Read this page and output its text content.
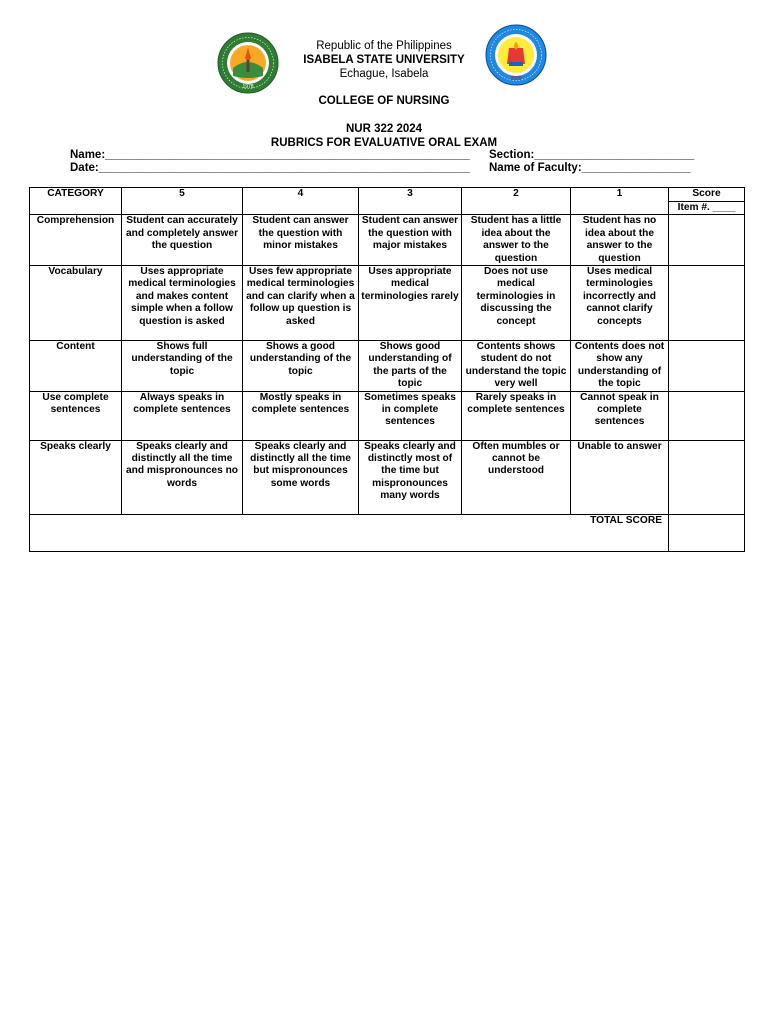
1978
2009
Republic of the Philippines
ISABELA STATE UNIVERSITY
Echague, Isabela
COLLEGE OF NURSING
NUR 322 2024
RUBRICS FOR EVALUATIVE ORAL EXAM
Name:_________________________________________________________
Date:__________________________________________________________
Section:_________________________
Name of Faculty:_________________
CATEGORY	5	4	3	2	1	Score
						Item #. ____
Comprehension	Student can accurately and completely answer the question	Student can answer the question with minor mistakes	Student can answer the question with major mistakes	Student has a little idea about the answer to the question	Student has no idea about the answer to the question	
Vocabulary	Uses appropriate medical terminologies and makes content simple when a follow question is asked	Uses few appropriate medical terminologies and can clarify when a follow up question is asked	Uses appropriate medical terminologies rarely	Does not use medical terminologies in discussing the concept	Uses medical terminologies incorrectly and cannot clarify concepts	
Content	Shows full understanding of the topic	Shows a good understanding of the topic	Shows good understanding of the parts of the topic	Contents shows student do not understand the topic very well	Contents does not show any understanding of the topic	
Use complete sentences	Always speaks in complete sentences	Mostly speaks in complete sentences	Sometimes speaks in complete sentences	Rarely speaks in complete sentences	Cannot speak in complete sentences	
Speaks clearly	Speaks clearly and distinctly all the time and mispronounces no words	Speaks clearly and distinctly all the time but mispronounces some words	Speaks clearly and distinctly most of the time but mispronounces many words	Often mumbles or cannot be understood	Unable to answer	
TOTAL SCORE						
